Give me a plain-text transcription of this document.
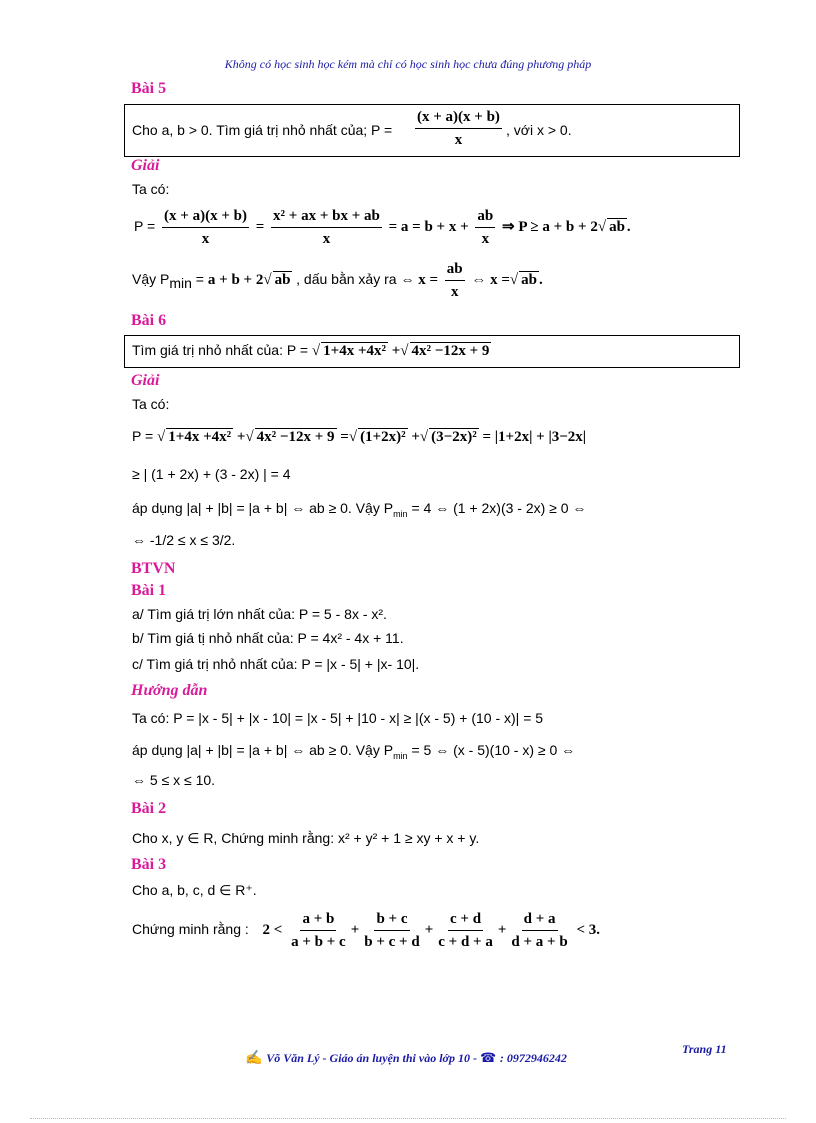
Không có học sinh học kém mà chỉ có học sinh học chưa đúng phương pháp
Bài 5
Cho a, b > 0. Tìm giá trị nhỏ nhất của; $P = \frac{(x + a)(x + b)}{x}$ , với x > 0.
Giải
Ta có:
$P = \frac{(x + a)(x + b)}{x} = \frac{\text{x² + ax + bx + ab}}{x} = a = b + x + \frac{ab}{x}$ ⇒ P ≥ a + b + 2√ ab .
Vậy $P_{min} = a + b + 2√$ ab , dấu bằn xảy ra ⇔ $x = \frac{ab}{x}$ ⇔ x =√ ab .
Bài 6
Tìm giá trị nhỏ nhất của: P = √ 1+4x +4x² +√ 4x² −12x + 9
Giải
Ta có:
P = √ 1+4x +4x² +√ 4x² −12x + 9 =√ (1+2x)² +√ (3−2x)² = |1+2x| + |3−2x|
≥ | (1 + 2x) + (3 - 2x) | = 4
áp dụng |a| + |b| = |a + b| ⇔ ab ≥ 0. Vậy $P_{min} = 4$ ⇔ (1 + 2x)(3 - 2x) ≥ 0 ⇔
⇔ -1/2 ≤ x ≤ 3/2.
BTVN
Bài 1
a/ Tìm giá trị lớn nhất của: P = 5 - 8x - x².
b/ Tìm giá tị nhỏ nhất của: P = 4x² - 4x + 11.
c/ Tìm giá trị nhỏ nhất của: P = |x - 5| + |x- 10|.
Hướng dẫn
Ta có: P = |x - 5| + |x - 10| = |x - 5| + |10 - x| ≥ |(x - 5) + (10 - x)| = 5
áp dụng |a| + |b| = |a + b| ⇔ ab ≥ 0. Vậy $P_{min} = 5$ ⇔ (x - 5)(10 - x) ≥ 0 ⇔
⇔ 5 ≤ x ≤ 10.
Bài 2
Cho x, y ∈ R, Chứng minh rằng: x² + y² + 1 ≥ xy + x + y.
Bài 3
Cho a, b, c, d ∈ R⁺.
Chứng minh rằng : $2 < \frac{a + b}{a + b + c} + \frac{b + c}{b + c + d} + \frac{c + d}{c + d + a} + \frac{d + a}{d + a + b} < 3$.
Trang 11
✍ Võ Văn Lý - Giáo án luyện thi vào lớp 10 - ☎ : 0972946242
